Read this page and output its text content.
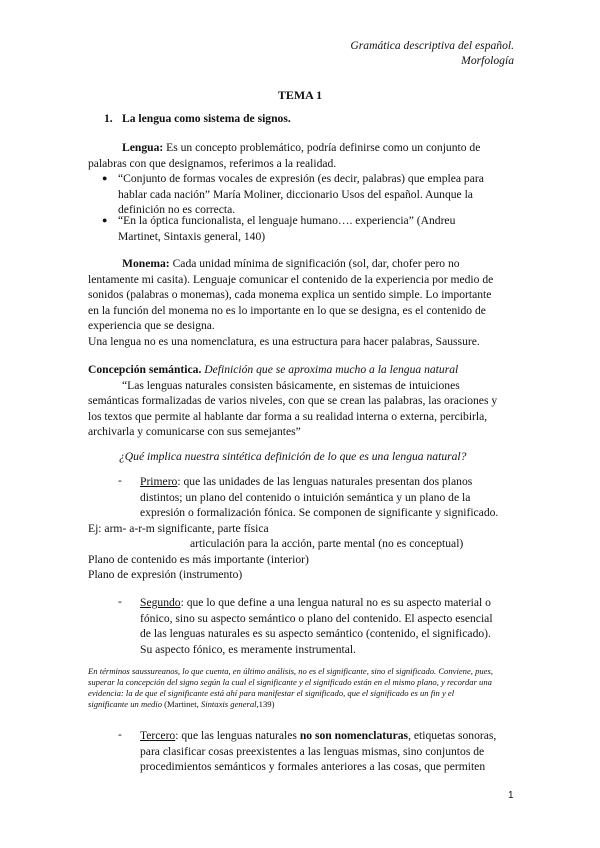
Gramática descriptiva del español.
Morfología
TEMA 1
1. La lengua como sistema de signos.
Lengua: Es un concepto problemático, podría definirse como un conjunto de
palabras con que designamos, referimos a la realidad.
● “Conjunto de formas vocales de expresión (es decir, palabras) que emplea para
hablar cada nación” María Moliner, diccionario Usos del español. Aunque la
definición no es correcta.
● “En la óptica funcionalista, el lenguaje humano…. experiencia” (Andreu
Martinet, Sintaxis general, 140)
Monema: Cada unidad mínima de significación (sol, dar, chofer pero no
lentamente mi casita). Lenguaje comunicar el contenido de la experiencia por medio de
sonidos (palabras o monemas), cada monema explica un sentido simple. Lo importante
en la función del monema no es lo importante en lo que se designa, es el contenido de
experiencia que se designa.
Una lengua no es una nomenclatura, es una estructura para hacer palabras, Saussure.
Concepción semántica. Definición que se aproxima mucho a la lengua natural
“Las lenguas naturales consisten básicamente, en sistemas de intuiciones
semánticas formalizadas de varios niveles, con que se crean las palabras, las oraciones y
los textos que permite al hablante dar forma a su realidad interna o externa, percibirla,
archivarla y comunicarse con sus semejantes”
¿Qué implica nuestra sintética definición de lo que es una lengua natural?
- Primero: que las unidades de las lenguas naturales presentan dos planos
distintos; un plano del contenido o intuición semántica y un plano de la
expresión o formalización fónica. Se componen de significante y significado.
Ej: arm- a-r-m significante, parte física
articulación para la acción, parte mental (no es conceptual)
Plano de contenido es más importante (interior)
Plano de expresión (instrumento)
- Segundo: que lo que define a una lengua natural no es su aspecto material o
fónico, sino su aspecto semántico o plano del contenido. El aspecto esencial
de las lenguas naturales es su aspecto semántico (contenido, el significado).
Su aspecto fónico, es meramente instrumental.
En términos saussureanos, lo que cuenta, en último análisis, no es el significante, sino el significado. Conviene, pues,
superar la concepción del signo según la cual el significante y el significado están en el mismo plano, y recordar una
evidencia: la de que el significante está ahí para manifestar el significado, que el significado es un fin y el
significante un medio (Martinet, Sintaxis general,139)
- Tercero: que las lenguas naturales no son nomenclaturas, etiquetas sonoras,
para clasificar cosas preexistentes a las lenguas mismas, sino conjuntos de
procedimientos semánticos y formales anteriores a las cosas, que permiten
1
